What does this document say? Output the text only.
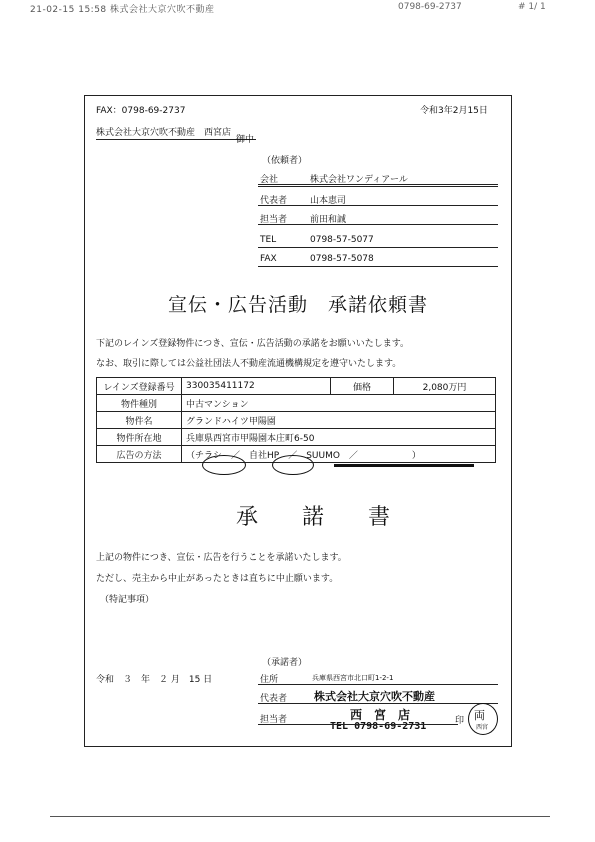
21-02-15 15:58 株式会社大京穴吹不動産	0798-69-2737	# 1/ 1
FAX：0798-69-2737	令和3年2月15日
株式会社大京穴吹不動産　西宮店
御中
（依頼者）
会社	株式会社ワンディアール
代表者	山本恵司
担当者	前田和誠
TEL	0798-57-5077
FAX	0798-57-5078
宣伝・広告活動　承諾依頼書
下記のレインズ登録物件につき、宣伝・広告活動の承諾をお願いいたします。
なお、取引に際しては公益社団法人不動産流通機構規定を遵守いたします。
レインズ登録番号	330035411172	価格	2,080万円
物件種別	中古マンション		
物件名	グランドハイツ甲陽園		
物件所在地	兵庫県西宮市甲陽園本庄町6-50		
広告の方法	（チラシ　／　自社HP　／　SUUMO　／　　　　　　）		
承　　諾　　書
上記の物件につき、宣伝・広告を行うことを承諾いたします。
ただし、売主から中止があったときは直ちに中止願います。
（特記事項）
（承諾者）
令和　３　年　２ 月　15 日	住所	兵庫県西宮市北口町1-2-1
代表者 株式会社大京穴吹不動産
担当者	西　宮　店
TEL 0798-69-2731	印 両
西宮
